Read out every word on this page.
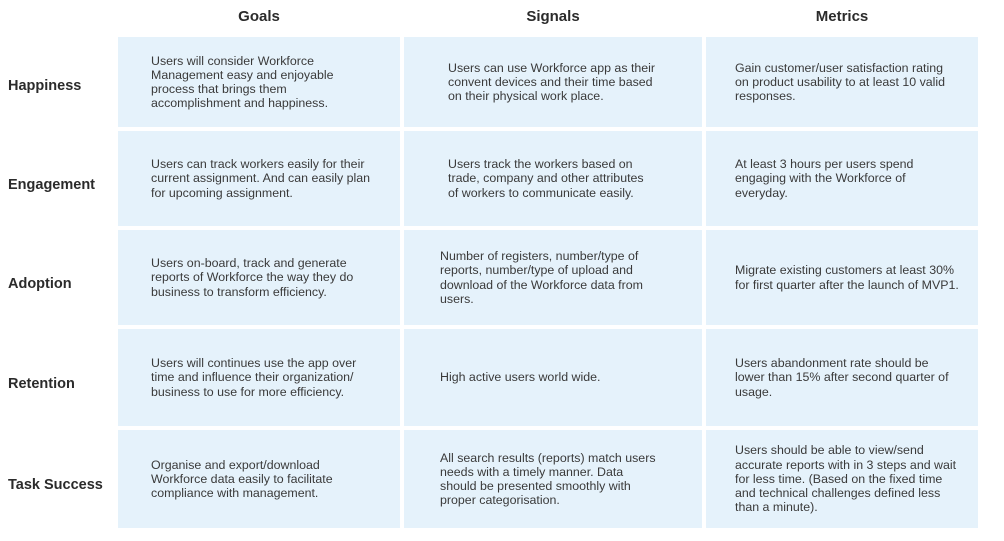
Goals	Signals	Metrics
Happiness
Users will consider Workforce Management easy and enjoyable process that brings them accomplishment and happiness.
Users can use Workforce app as their convent devices and their time based on their physical work place.
Gain customer/user satisfaction rating on product usability to at least 10 valid responses.
Engagement
Users can track workers easily for their current assignment. And can easily plan for upcoming assignment.
Users track the workers based on trade, company and other attributes of workers to communicate easily.
At least 3 hours per users spend engaging with the Workforce of everyday.
Adoption
Users on-board, track and generate reports of Workforce the way they do business to transform efficiency.
Number of registers, number/type of reports, number/type of upload and download of the Workforce data from users.
Migrate existing customers at least 30% for first quarter after the launch of MVP1.
Retention
Users will continues use the app over time and influence their organization/ business to use for more efficiency.
High active users world wide.
Users abandonment rate should be lower than 15% after second quarter of usage.
Task Success
Organise and export/download Workforce data easily to facilitate compliance with management.
All search results (reports) match users needs with a timely manner. Data should be presented smoothly with proper categorisation.
Users should be able to view/send accurate reports with in 3 steps and wait for less time. (Based on the fixed time and technical challenges defined less than a minute).
